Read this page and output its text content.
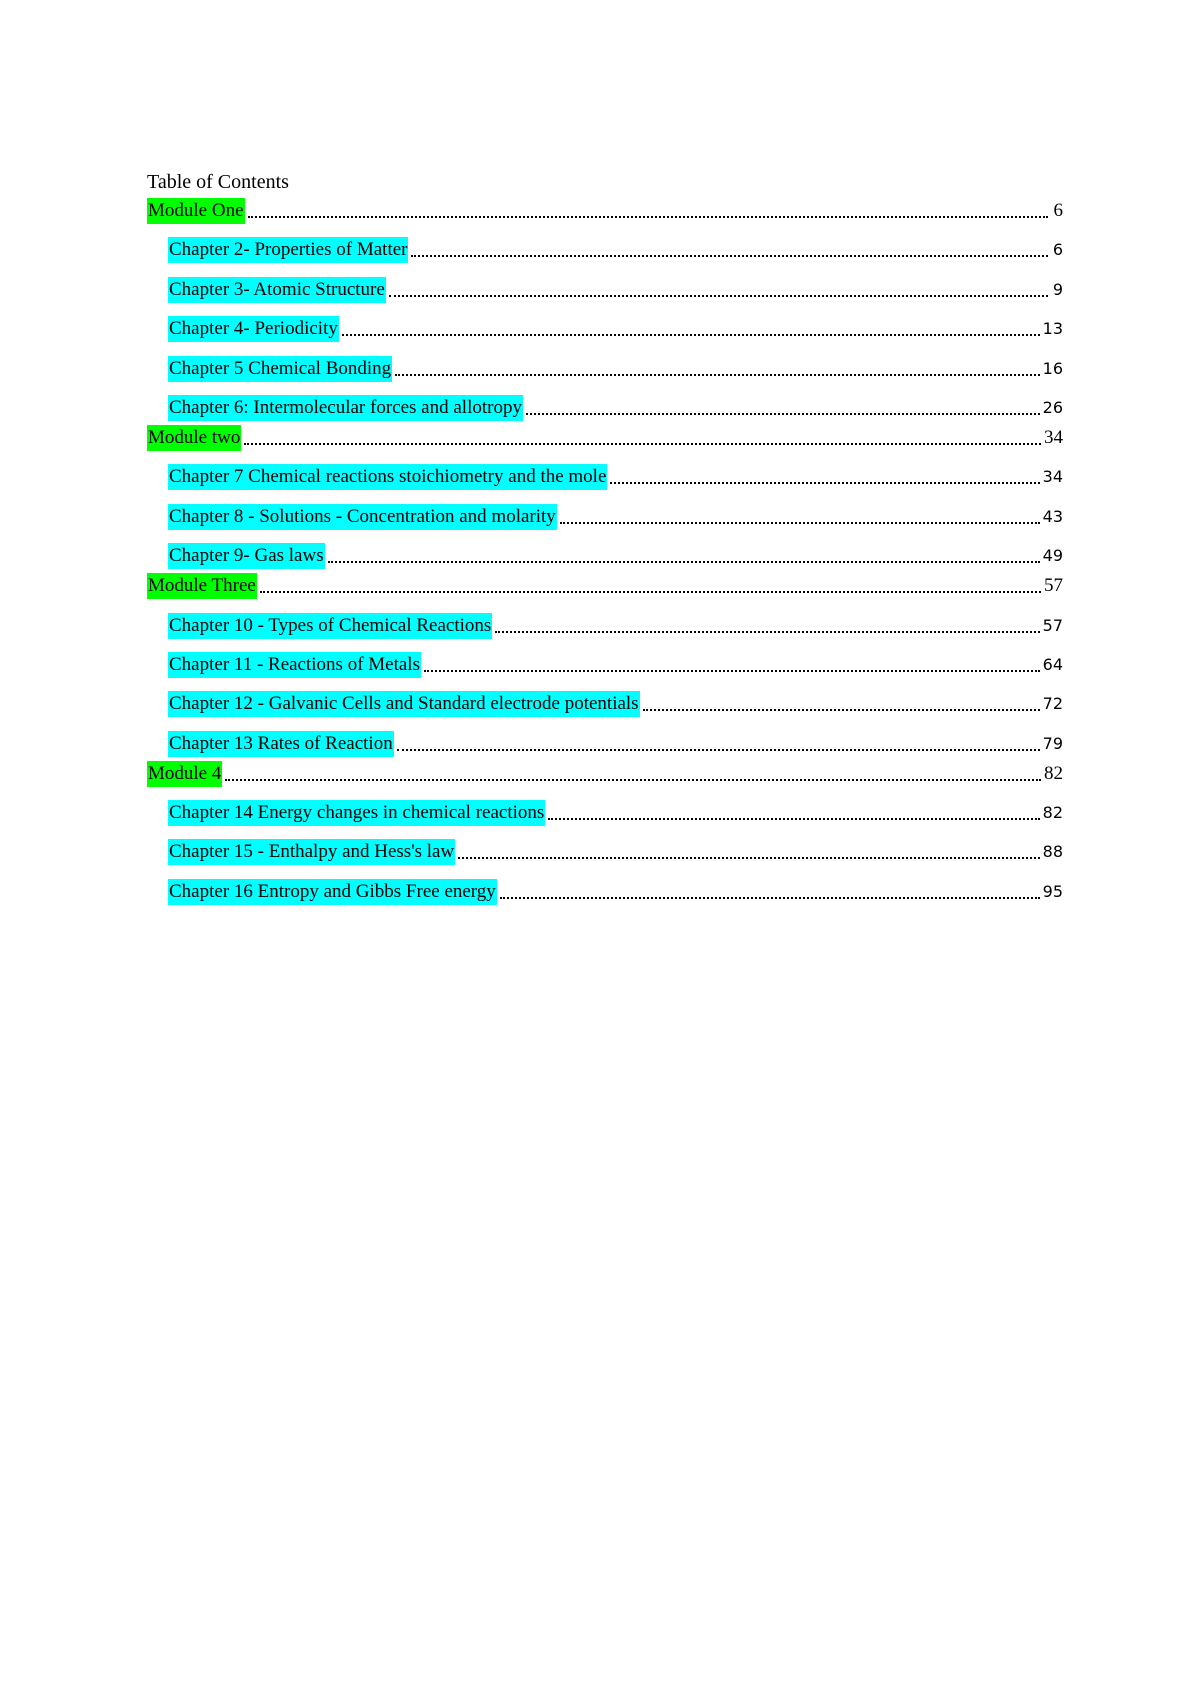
Table of Contents
Module One	6
Chapter 2- Properties of Matter	6
Chapter 3- Atomic Structure	9
Chapter 4- Periodicity	13
Chapter 5 Chemical Bonding	16
Chapter 6: Intermolecular forces and allotropy	26
Module two	34
Chapter 7 Chemical reactions stoichiometry and the mole	34
Chapter 8 - Solutions - Concentration and molarity	43
Chapter 9- Gas laws	49
Module Three	57
Chapter 10 - Types of Chemical Reactions	57
Chapter 11 - Reactions of Metals	64
Chapter 12 - Galvanic Cells and Standard electrode potentials	72
Chapter 13 Rates of Reaction	79
Module 4	82
Chapter 14 Energy changes in chemical reactions	82
Chapter 15 - Enthalpy and Hess's law	88
Chapter 16 Entropy and Gibbs Free energy	95
